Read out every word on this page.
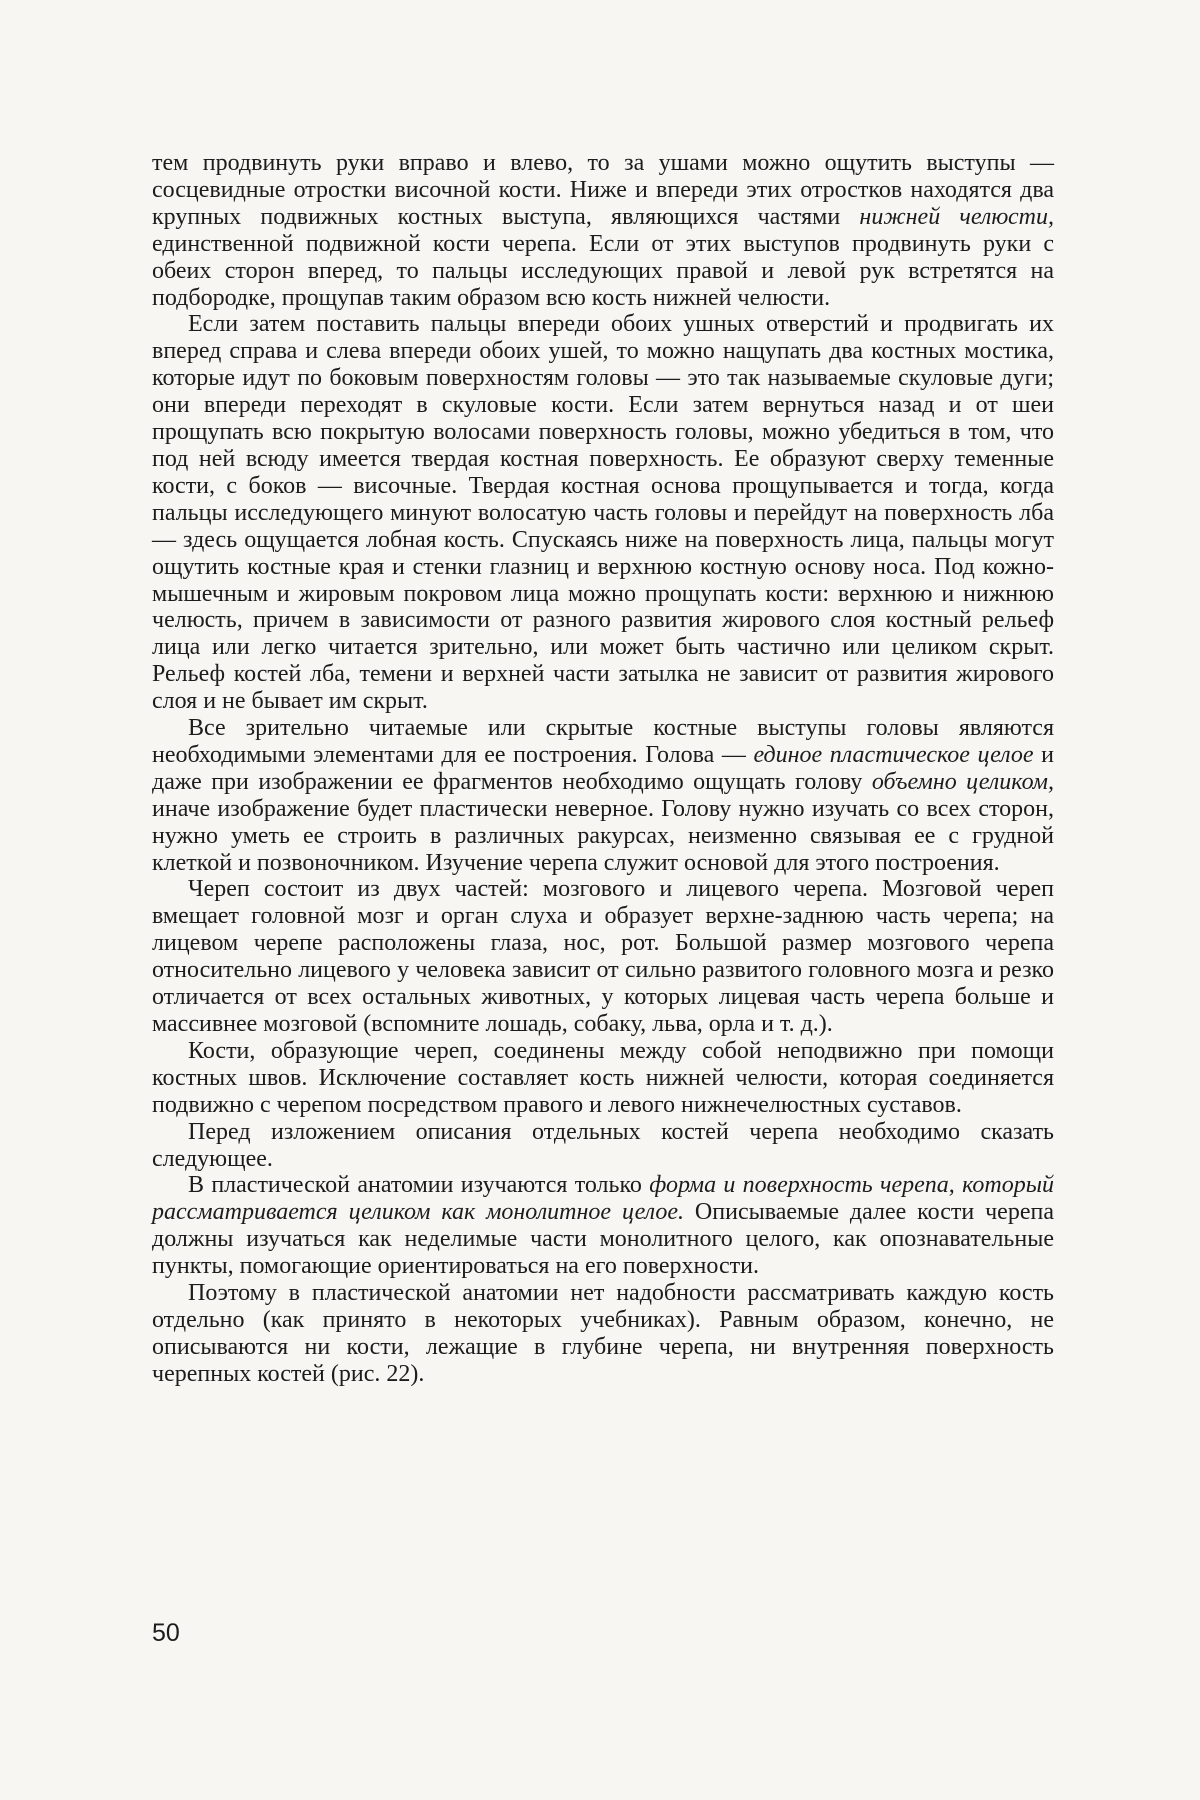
тем продвинуть руки вправо и влево, то за ушами можно ощутить выступы — сосцевидные отростки височной кости. Ниже и впереди этих отростков находятся два крупных подвижных костных выступа, являющихся частями нижней челюсти, единственной подвижной кости черепа. Если от этих выступов продвинуть руки с обеих сторон вперед, то пальцы исследующих правой и левой рук встретятся на подбородке, прощупав таким образом всю кость нижней челюсти.

Если затем поставить пальцы впереди обоих ушных отверстий и продвигать их вперед справа и слева впереди обоих ушей, то можно нащупать два костных мостика, которые идут по боковым поверхностям головы — это так называемые скуловые дуги; они впереди переходят в скуловые кости. Если затем вернуться назад и от шеи прощупать всю покрытую волосами поверхность головы, можно убедиться в том, что под ней всюду имеется твердая костная поверхность. Ее образуют сверху теменные кости, с боков — височные. Твердая костная основа прощупывается и тогда, когда пальцы исследующего минуют волосатую часть головы и перейдут на поверхность лба — здесь ощущается лобная кость. Спускаясь ниже на поверхность лица, пальцы могут ощутить костные края и стенки глазниц и верхнюю костную основу носа. Под кожно-мышечным и жировым покровом лица можно прощупать кости: верхнюю и нижнюю челюсть, причем в зависимости от разного развития жирового слоя костный рельеф лица или легко читается зрительно, или может быть частично или целиком скрыт. Рельеф костей лба, темени и верхней части затылка не зависит от развития жирового слоя и не бывает им скрыт.

Все зрительно читаемые или скрытые костные выступы головы являются необходимыми элементами для ее построения. Голова — единое пластическое целое и даже при изображении ее фрагментов необходимо ощущать голову объемно целиком, иначе изображение будет пластически неверное. Голову нужно изучать со всех сторон, нужно уметь ее строить в различных ракурсах, неизменно связывая ее с грудной клеткой и позвоночником. Изучение черепа служит основой для этого построения.

Череп состоит из двух частей: мозгового и лицевого черепа. Мозговой череп вмещает головной мозг и орган слуха и образует верхне-заднюю часть черепа; на лицевом черепе расположены глаза, нос, рот. Большой размер мозгового черепа относительно лицевого у человека зависит от сильно развитого головного мозга и резко отличается от всех остальных животных, у которых лицевая часть черепа больше и массивнее мозговой (вспомните лошадь, собаку, льва, орла и т. д.).

Кости, образующие череп, соединены между собой неподвижно при помощи костных швов. Исключение составляет кость нижней челюсти, которая соединяется подвижно с черепом посредством правого и левого нижнечелюстных суставов.

Перед изложением описания отдельных костей черепа необходимо сказать следующее.

В пластической анатомии изучаются только форма и поверхность черепа, который рассматривается целиком как монолитное целое. Описываемые далее кости черепа должны изучаться как неделимые части монолитного целого, как опознавательные пункты, помогающие ориентироваться на его поверхности.

Поэтому в пластической анатомии нет надобности рассматривать каждую кость отдельно (как принято в некоторых учебниках). Равным образом, конечно, не описываются ни кости, лежащие в глубине черепа, ни внутренняя поверхность черепных костей (рис. 22).

50
